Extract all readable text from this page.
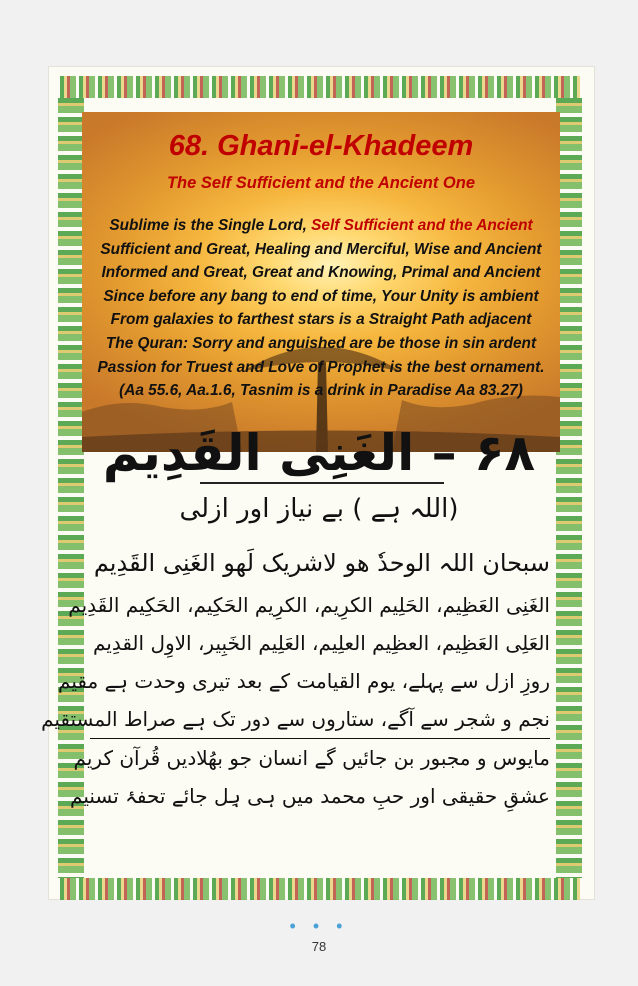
68. Ghani-el-Khadeem
The Self Sufficient and the Ancient One
Sublime is the Single Lord, Self Sufficient and the Ancient
Sufficient and Great, Healing and Merciful, Wise and Ancient
Informed and Great, Great and Knowing, Primal and Ancient
Since before any bang to end of time, Your Unity is ambient
From galaxies to farthest stars is a Straight Path adjacent
The Quran: Sorry and anguished are be those in sin ardent
Passion for Truest and Love of Prophet is the best ornament.
(Aa 55.6, Aa.1.6, Tasnim is a drink in Paradise Aa 83.27)
۶۸ – الغَنِی القَدِیم
(اللہ ہے ) بے نیاز اور ازلی
سبحان اللہ الوحدٗ ھو لاشریک لَھو الغَنِی القَدِیم
الغَنِی العَظِیم، الحَلِیم الکرِیم، الکرِیم الحَکِیم، الحَکِیم القَدِیم
العَلِی العَظِیم، العظِیم العلِیم، العَلِیم الخَبِیر، الاوِل القدِیم
روزِ ازل سے پہلے، یوم القیامت کے بعد تیری وحدت ہے مقیم
نجم و شجر سے آگے، ستاروں سے دور تک ہے صراط المستقیم
مایوس و مجبور بن جائیں گے انسان جو بھُلادیں قُرآن کریم
عشقِ حقیقی اور حبِ محمد میں ہی ہِل جائے تحفۂ تسنیم
• • •
78
